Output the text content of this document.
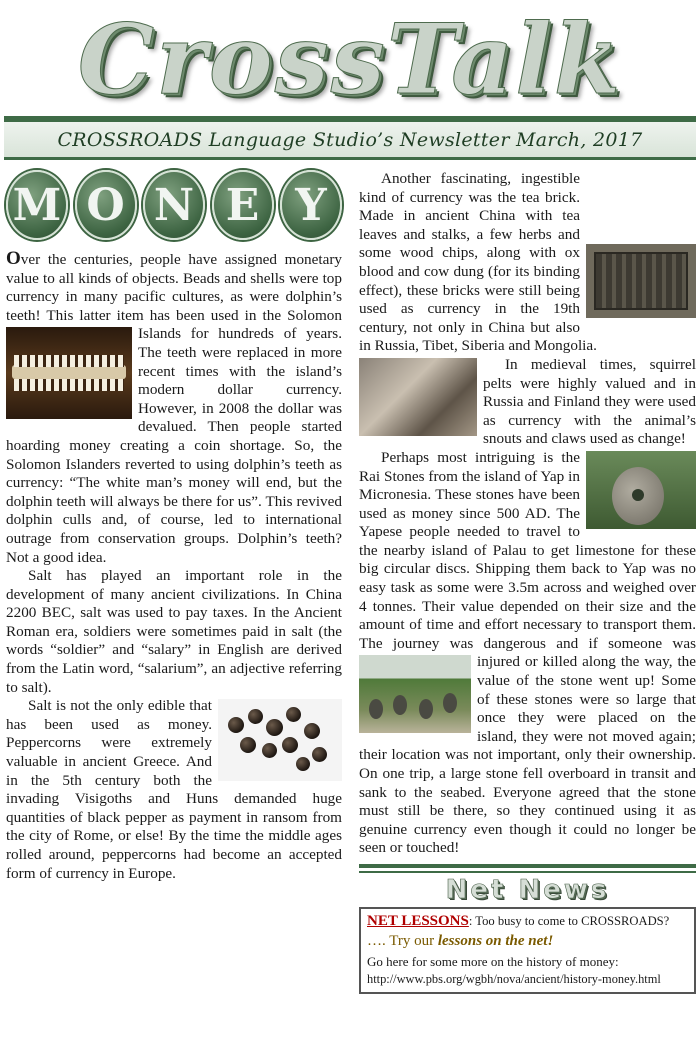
CrossTalk
CROSSROADS Language Studio’s Newsletter March, 2017
M O N E Y

Over the centuries, people have assigned monetary value to all kinds of objects. Beads and shells were top currency in many pacific cultures, as were dolphin’s teeth! This latter item has been used in the Solomon Islands for hundreds of years. The teeth were replaced in more recent times with the island’s modern dollar currency. However, in 2008 the dollar was devalued. Then people started hoarding money creating a coin shortage. So, the Solomon Islanders reverted to using dolphin’s teeth as currency: “The white man’s money will end, but the dolphin teeth will always be there for us”. This revived dolphin culls and, of course, led to international outrage from conservation groups. Dolphin’s teeth? Not a good idea.

Salt has played an important role in the development of many ancient civilizations. In China 2200 BEC, salt was used to pay taxes. In the Ancient Roman era, soldiers were sometimes paid in salt (the words “soldier” and “salary” in English are derived from the Latin word, “salarium”, an adjective referring to salt).

Salt is not the only edible that has been used as money. Peppercorns were extremely valuable in ancient Greece. And in the 5th century both the invading Visigoths and Huns demanded huge quantities of black pepper as payment in ransom from the city of Rome, or else! By the time the middle ages rolled around, peppercorns had become an accepted form of currency in Europe.

Another fascinating, ingestible kind of currency was the tea brick. Made in ancient China with tea leaves and stalks, a few herbs and some wood chips, along with ox blood and cow dung (for its binding effect), these bricks were still being used as currency in the 19th century, not only in China but also in Russia, Tibet, Siberia and Mongolia.

In medieval times, squirrel pelts were highly valued and in Russia and Finland they were used as currency with the animal’s snouts and claws used as change!

Perhaps most intriguing is the Rai Stones from the island of Yap in Micronesia. These stones have been used as money since 500 AD. The Yapese people needed to travel to the nearby island of Palau to get limestone for these big circular discs. Shipping them back to Yap was no easy task as some were 3.5m across and weighed over 4 tonnes. Their value depended on their size and the amount of time and effort necessary to transport them. The journey was dangerous and if someone was injured or killed along the way, the value of the stone went up! Some of these stones were so large that once they were placed on the island, they were not moved again; their location was not important, only their ownership. On one trip, a large stone fell overboard in transit and sank to the seabed. Everyone agreed that the stone must still be there, so they continued using it as genuine currency even though it could no longer be seen or touched!

Net News
NET LESSONS: Too busy to come to CROSSROADS?
…. Try our lessons on the net!
Go here for some more on the history of money:
http://www.pbs.org/wgbh/nova/ancient/history-money.html
